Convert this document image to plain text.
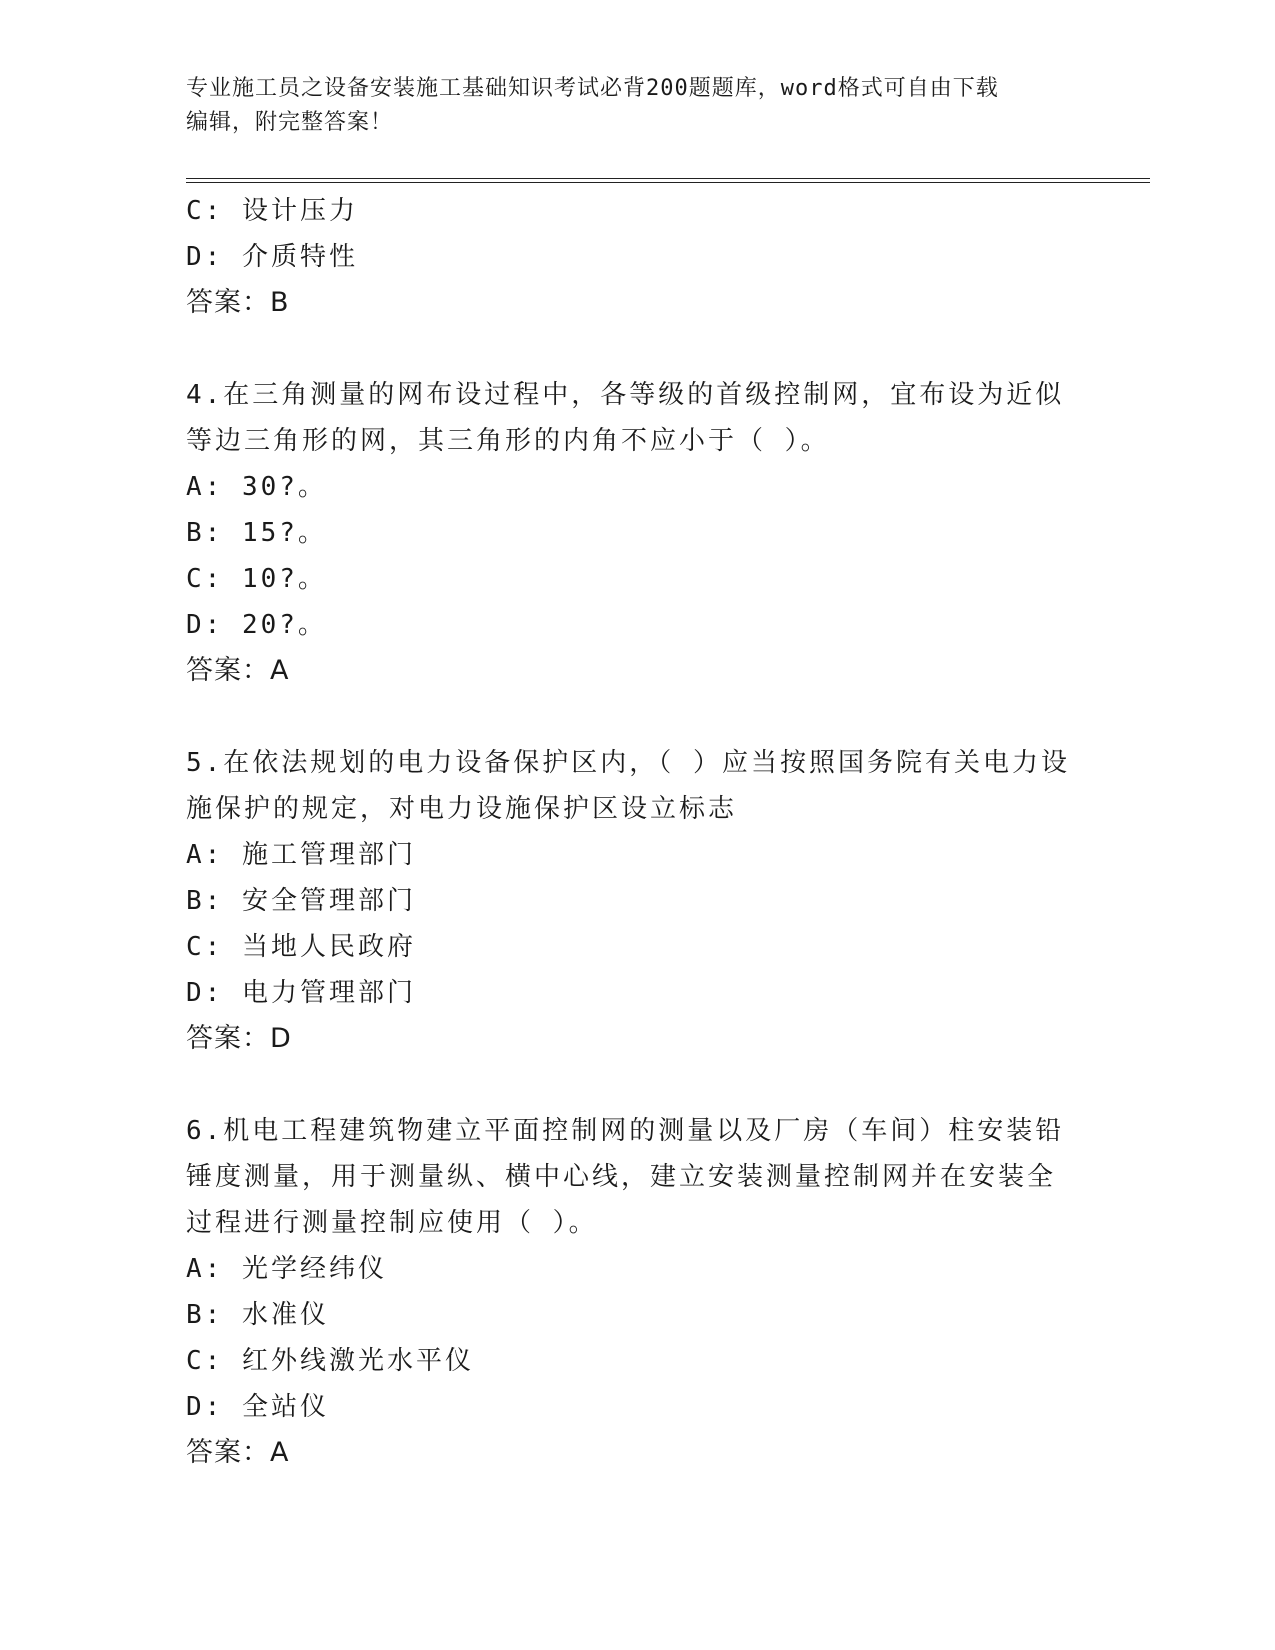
专业施工员之设备安装施工基础知识考试必背200题题库，word格式可自由下载
编辑，附完整答案！
C: 设计压力
D: 介质特性
答案：B
4.在三角测量的网布设过程中，各等级的首级控制网，宜布设为近似
等边三角形的网，其三角形的内角不应小于（ ）。
A: 30?。
B: 15?。
C: 10?。
D: 20?。
答案：A
5.在依法规划的电力设备保护区内，（ ）应当按照国务院有关电力设
施保护的规定，对电力设施保护区设立标志
A: 施工管理部门
B: 安全管理部门
C: 当地人民政府
D: 电力管理部门
答案：D
6.机电工程建筑物建立平面控制网的测量以及厂房（车间）柱安装铅
锤度测量，用于测量纵、横中心线，建立安装测量控制网并在安装全
过程进行测量控制应使用（ ）。
A: 光学经纬仪
B: 水准仪
C: 红外线激光水平仪
D: 全站仪
答案：A
